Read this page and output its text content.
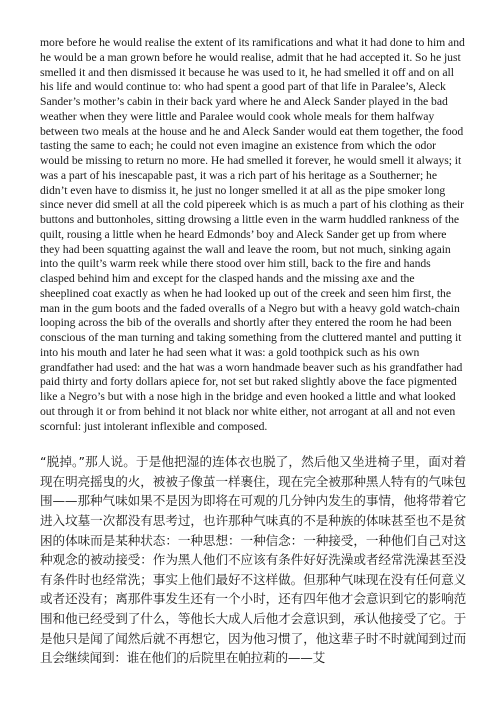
more before he would realise the extent of its ramifications and what it had done to him and he would be a man grown before he would realise, admit that he had accepted it. So he just smelled it and then dismissed it because he was used to it, he had smelled it off and on all his life and would continue to: who had spent a good part of that life in Paralee’s, Aleck Sander’s mother’s cabin in their back yard where he and Aleck Sander played in the bad weather when they were little and Paralee would cook whole meals for them halfway between two meals at the house and he and Aleck Sander would eat them together, the food tasting the same to each; he could not even imagine an existence from which the odor would be missing to return no more. He had smelled it forever, he would smell it always; it was a part of his inescapable past, it was a rich part of his heritage as a Southerner; he didn’t even have to dismiss it, he just no longer smelled it at all as the pipe smoker long since never did smell at all the cold pipereek which is as much a part of his clothing as their buttons and buttonholes, sitting drowsing a little even in the warm huddled rankness of the quilt, rousing a little when he heard Edmonds’ boy and Aleck Sander get up from where they had been squatting against the wall and leave the room, but not much, sinking again into the quilt’s warm reek while there stood over him still, back to the fire and hands clasped behind him and except for the clasped hands and the missing axe and the sheeplined coat exactly as when he had looked up out of the creek and seen him first, the man in the gum boots and the faded overalls of a Negro but with a heavy gold watch-chain looping across the bib of the overalls and shortly after they entered the room he had been conscious of the man turning and taking something from the cluttered mantel and putting it into his mouth and later he had seen what it was: a gold toothpick such as his own grandfather had used: and the hat was a worn handmade beaver such as his grandfather had paid thirty and forty dollars apiece for, not set but raked slightly above the face pigmented like a Negro’s but with a nose high in the bridge and even hooked a little and what looked out through it or from behind it not black nor white either, not arrogant at all and not even scornful: just intolerant inflexible and composed.

“脱掉。”那人说。于是他把湿的连体衣也脱了，然后他又坐进椅子里，面对着现在明亮摇曳的火，被被子像茧一样裹住，现在完全被那种黑人特有的气味包围——那种气味如果不是因为即将在可观的几分钟内发生的事情，他将带着它进入坟墓一次都没有思考过，也许那种气味真的不是种族的体味甚至也不是贫困的体味而是某种状态：一种思想：一种信念：一种接受，一种他们自己对这种观念的被动接受：作为黑人他们不应该有条件好好洗澡或者经常洗澡甚至没有条件时也经常洗；事实上他们最好不这样做。但那种气味现在没有任何意义或者还没有；离那件事发生还有一个小时，还有四年他才会意识到它的影响范围和他已经受到了什么，等他长大成人后他才会意识到，承认他接受了它。于是他只是闻了闻然后就不再想它，因为他习惯了，他这辈子时不时就闻到过而且会继续闻到：谁在他们的后院里在帕拉莉的——艾
